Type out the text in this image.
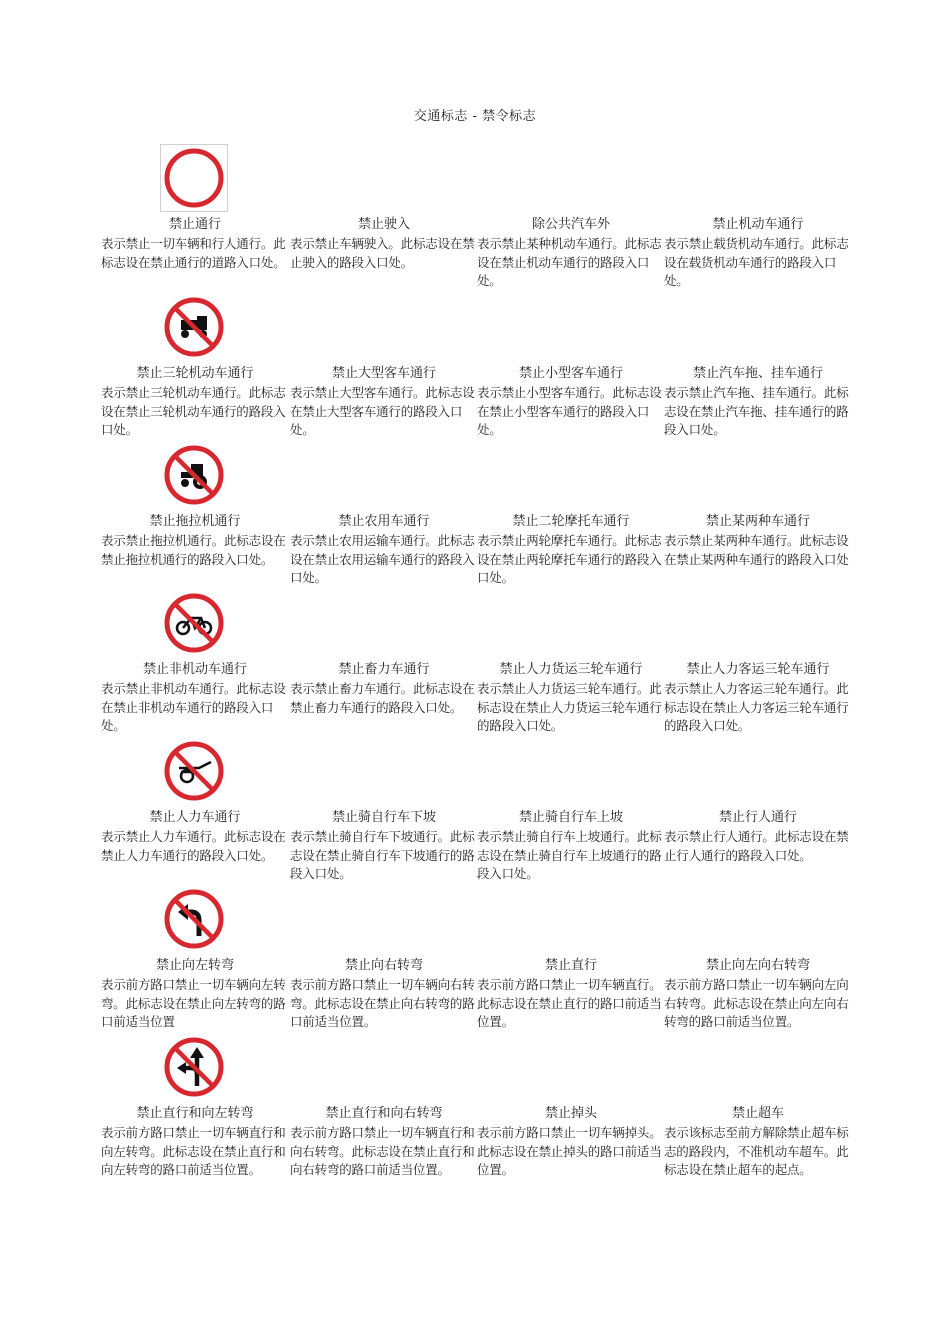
交通标志 - 禁令标志
禁止通行
表示禁止一切车辆和行人通行。此标志设在禁止通行的道路入口处。
禁止驶入
表示禁止车辆驶入。此标志设在禁止驶入的路段入口处。
除公共汽车外
表示禁止某种机动车通行。此标志设在禁止机动车通行的路段入口处。
禁止机动车通行
表示禁止载货机动车通行。此标志设在载货机动车通行的路段入口处。
禁止三轮机动车通行
表示禁止三轮机动车通行。此标志设在禁止三轮机动车通行的路段入口处。
禁止大型客车通行
表示禁止大型客车通行。此标志设在禁止大型客车通行的路段入口处。
禁止小型客车通行
表示禁止小型客车通行。此标志设在禁止小型客车通行的路段入口处。
禁止汽车拖、挂车通行
表示禁止汽车拖、挂车通行。此标志设在禁止汽车拖、挂车通行的路段入口处。
禁止拖拉机通行
表示禁止拖拉机通行。此标志设在禁止拖拉机通行的路段入口处。
禁止农用车通行
表示禁止农用运输车通行。此标志设在禁止农用运输车通行的路段入口处。
禁止二轮摩托车通行
表示禁止两轮摩托车通行。此标志设在禁止两轮摩托车通行的路段入口处。
禁止某两种车通行
表示禁止某两种车通行。此标志设在禁止某两种车通行的路段入口处
禁止非机动车通行
表示禁止非机动车通行。此标志设在禁止非机动车通行的路段入口处。
禁止畜力车通行
表示禁止畜力车通行。此标志设在禁止畜力车通行的路段入口处。
禁止人力货运三轮车通行
表示禁止人力货运三轮车通行。此标志设在禁止人力货运三轮车通行的路段入口处。
禁止人力客运三轮车通行
表示禁止人力客运三轮车通行。此标志设在禁止人力客运三轮车通行的路段入口处。
禁止人力车通行
表示禁止人力车通行。此标志设在禁止人力车通行的路段入口处。
禁止骑自行车下坡
表示禁止骑自行车下坡通行。此标志设在禁止骑自行车下坡通行的路段入口处。
禁止骑自行车上坡
表示禁止骑自行车上坡通行。此标志设在禁止骑自行车上坡通行的路段入口处。
禁止行人通行
表示禁止行人通行。此标志设在禁止行人通行的路段入口处。
禁止向左转弯
表示前方路口禁止一切车辆向左转弯。此标志设在禁止向左转弯的路口前适当位置
禁止向右转弯
表示前方路口禁止一切车辆向右转弯。此标志设在禁止向右转弯的路口前适当位置。
禁止直行
表示前方路口禁止一切车辆直行。此标志设在禁止直行的路口前适当位置。
禁止向左向右转弯
表示前方路口禁止一切车辆向左向右转弯。此标志设在禁止向左向右转弯的路口前适当位置。
禁止直行和向左转弯
表示前方路口禁止一切车辆直行和向左转弯。此标志设在禁止直行和向左转弯的路口前适当位置。
禁止直行和向右转弯
表示前方路口禁止一切车辆直行和向右转弯。此标志设在禁止直行和向右转弯的路口前适当位置。
禁止掉头
表示前方路口禁止一切车辆掉头。此标志设在禁止掉头的路口前适当位置。
禁止超车
表示该标志至前方解除禁止超车标志的路段内，不准机动车超车。此标志设在禁止超车的起点。
